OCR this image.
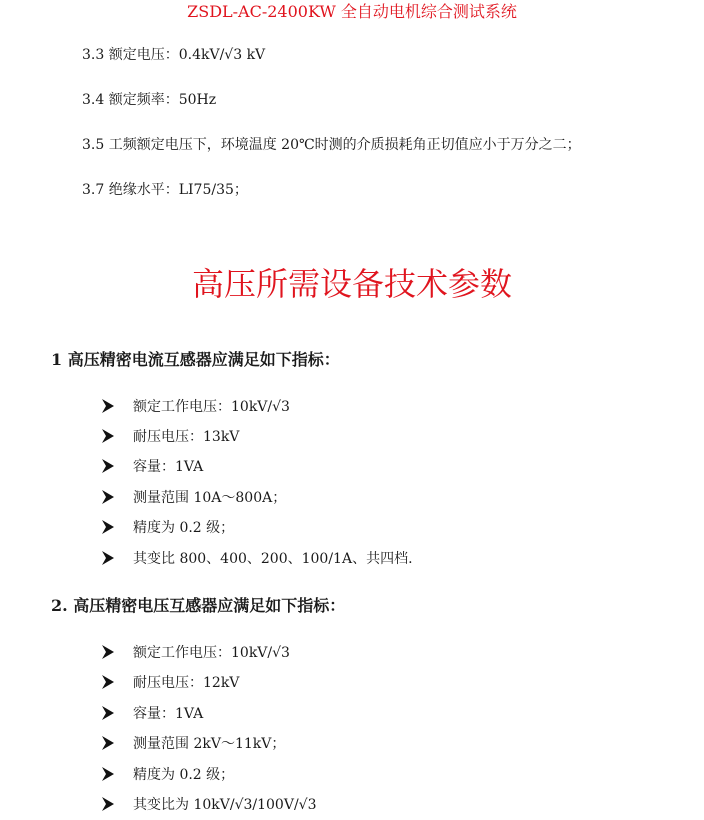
ZSDL-AC-2400KW 全自动电机综合测试系统
3.3 额定电压：0.4kV/√3 kV
3.4 额定频率：50Hz
3.5 工频额定电压下，环境温度 20℃时测的介质损耗角正切值应小于万分之二；
3.7 绝缘水平：LI75/35；
高压所需设备技术参数
1 高压精密电流互感器应满足如下指标：
额定工作电压：10kV/√3
耐压电压：13kV
容量：1VA
测量范围 10A～800A；
精度为 0.2 级；
其变比 800、400、200、100/1A、共四档.
2. 高压精密电压互感器应满足如下指标：
额定工作电压：10kV/√3
耐压电压：12kV
容量：1VA
测量范围 2kV～11kV；
精度为 0.2 级；
其变比为 10kV/√3/100V/√3
